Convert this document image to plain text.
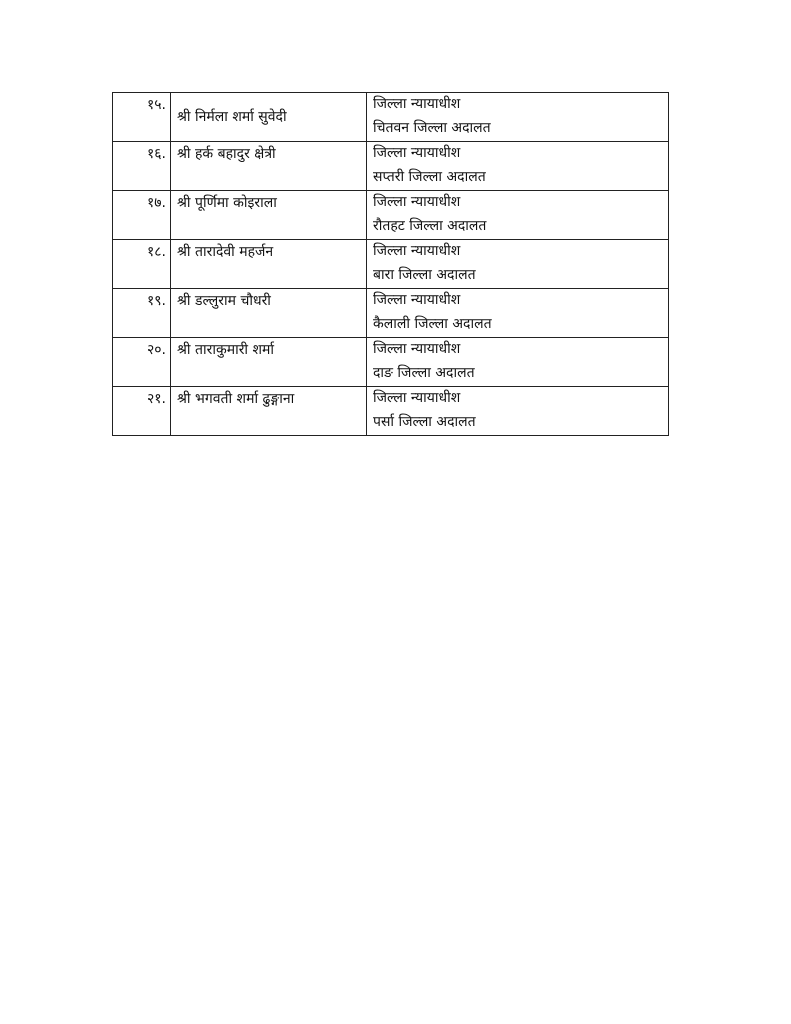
१५.	श्री निर्मला शर्मा सुवेदी	जिल्ला न्यायाधीश
चितवन जिल्ला अदालत

१६.	श्री हर्क बहादुर क्षेत्री	जिल्ला न्यायाधीश
सप्तरी जिल्ला अदालत

१७.	श्री पूर्णिमा कोइराला	जिल्ला न्यायाधीश
रौतहट जिल्ला अदालत

१८.	श्री तारादेवी महर्जन	जिल्ला न्यायाधीश
बारा जिल्ला अदालत

१९.	श्री डल्लुराम चौधरी	जिल्ला न्यायाधीश
कैलाली जिल्ला अदालत

२०.	श्री ताराकुमारी शर्मा	जिल्ला न्यायाधीश
दाङ जिल्ला अदालत

२१.	श्री भगवती शर्मा ढुङ्गाना	जिल्ला न्यायाधीश
पर्सा जिल्ला अदालत
